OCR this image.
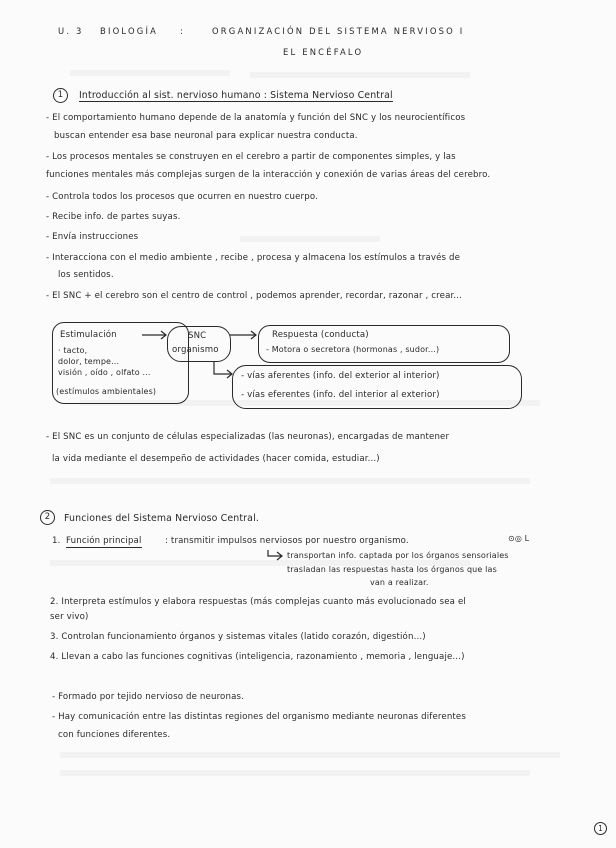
U. 3 BIOLOGÍA	:	ORGANIZACIÓN DEL SISTEMA NERVIOSO I
EL ENCÉFALO
1	Introducción al sist. nervioso humano : Sistema Nervioso Central
- El comportamiento humano depende de la anatomía y función del SNC y los neurocientíficos
buscan entender esa base neuronal para explicar nuestra conducta.
- Los procesos mentales se construyen en el cerebro a partir de componentes simples, y las
funciones mentales más complejas surgen de la interacción y conexión de varias áreas del cerebro.
- Controla todos los procesos que ocurren en nuestro cuerpo.
- Recibe info. de partes suyas.
- Envía instrucciones
- Interacciona con el medio ambiente , recibe , procesa y almacena los estímulos a través de
los sentidos.
- El SNC + el cerebro son el centro de control , podemos aprender, recordar, razonar , crear...
Estimulación
· tacto,
dolor, tempe...
visión , oído , olfato ...
(estímulos ambientales)
SNC
organismo
Respuesta (conducta)
- Motora o secretora (hormonas , sudor...)
- vías aferentes (info. del exterior al interior)
- vías eferentes (info. del interior al exterior)
- El SNC es un conjunto de células especializadas (las neuronas), encargadas de mantener
la vida mediante el desempeño de actividades (hacer comida, estudiar...)
2	Funciones del Sistema Nervioso Central.
1. Función principal	: transmitir impulsos nerviosos por nuestro organismo.	⊙◎ L
transportan info. captada por los órganos sensoriales
trasladan las respuestas hasta los órganos que las
van a realizar.
2. Interpreta estímulos y elabora respuestas (más complejas cuanto más evolucionado sea el
ser vivo)
3. Controlan funcionamiento órganos y sistemas vitales (latido corazón, digestión...)
4. Llevan a cabo las funciones cognitivas (inteligencia, razonamiento , memoria , lenguaje...)
- Formado por tejido nervioso de neuronas.
- Hay comunicación entre las distintas regiones del organismo mediante neuronas diferentes
con funciones diferentes.
1
